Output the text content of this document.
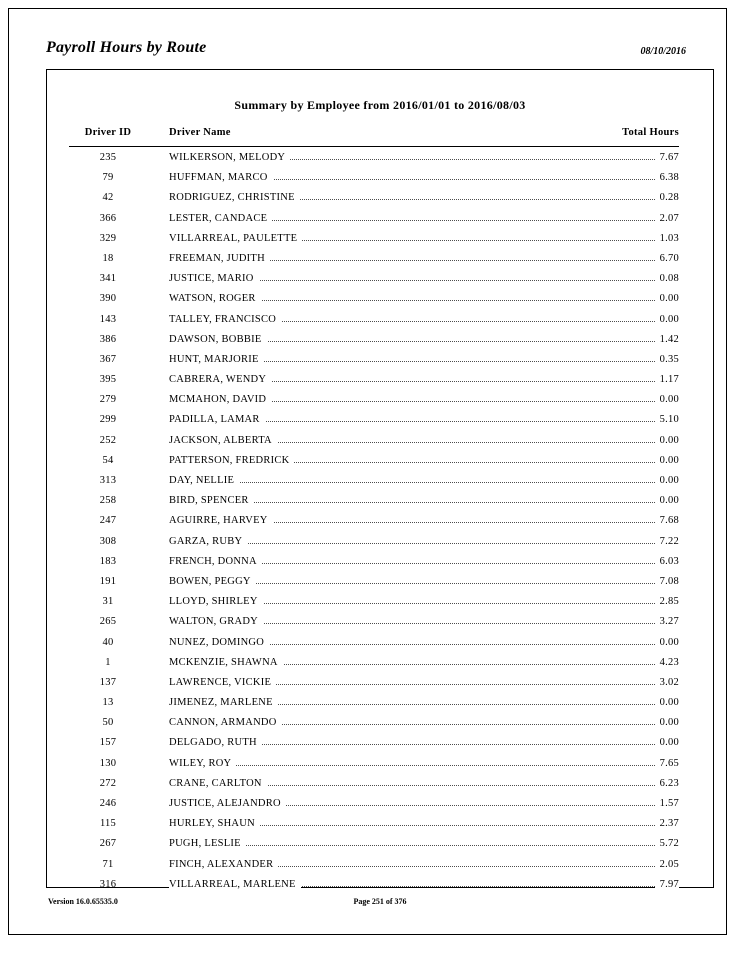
Payroll Hours by Route	08/10/2016
Summary by Employee from 2016/01/01 to 2016/08/03
Driver ID	Driver Name	Total Hours
235	WILKERSON, MELODY	7.67
79	HUFFMAN, MARCO	6.38
42	RODRIGUEZ, CHRISTINE	0.28
366	LESTER, CANDACE	2.07
329	VILLARREAL, PAULETTE	1.03
18	FREEMAN, JUDITH	6.70
341	JUSTICE, MARIO	0.08
390	WATSON, ROGER	0.00
143	TALLEY, FRANCISCO	0.00
386	DAWSON, BOBBIE	1.42
367	HUNT, MARJORIE	0.35
395	CABRERA, WENDY	1.17
279	MCMAHON, DAVID	0.00
299	PADILLA, LAMAR	5.10
252	JACKSON, ALBERTA	0.00
54	PATTERSON, FREDRICK	0.00
313	DAY, NELLIE	0.00
258	BIRD, SPENCER	0.00
247	AGUIRRE, HARVEY	7.68
308	GARZA, RUBY	7.22
183	FRENCH, DONNA	6.03
191	BOWEN, PEGGY	7.08
31	LLOYD, SHIRLEY	2.85
265	WALTON, GRADY	3.27
40	NUNEZ, DOMINGO	0.00
1	MCKENZIE, SHAWNA	4.23
137	LAWRENCE, VICKIE	3.02
13	JIMENEZ, MARLENE	0.00
50	CANNON, ARMANDO	0.00
157	DELGADO, RUTH	0.00
130	WILEY, ROY	7.65
272	CRANE, CARLTON	6.23
246	JUSTICE, ALEJANDRO	1.57
115	HURLEY, SHAUN	2.37
267	PUGH, LESLIE	5.72
71	FINCH, ALEXANDER	2.05
316	VILLARREAL, MARLENE	7.97
Version 16.0.65535.0	Page 251 of 376
